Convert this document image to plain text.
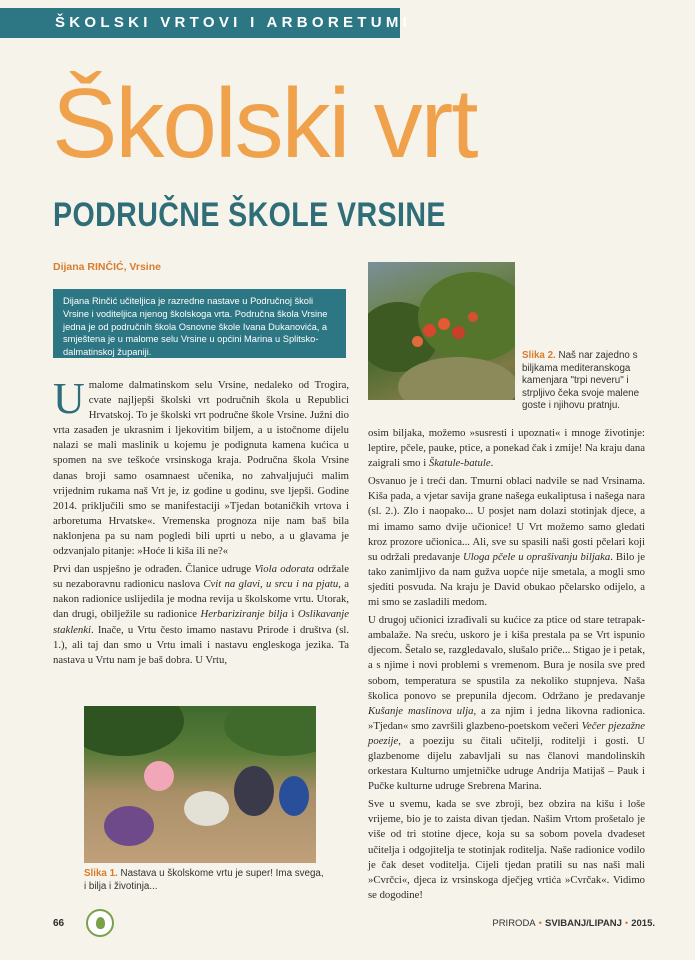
ŠKOLSKI VRTOVI I ARBORETUMI
Školski vrt
PODRUČNE ŠKOLE VRSINE
Dijana RINČIĆ, Vrsine
Dijana Rinčić učiteljica je razredne nastave u Područnoj školi Vrsine i voditeljica njenog školskoga vrta. Područna škola Vrsine jedna je od područnih škola Osnovne škole Ivana Dukanovića, a smještena je u malome selu Vrsine u općini Marina u Splitsko-dalmatinskoj županiji.	Slika 2. Naš nar zajedno s biljkama mediteranskoga kamenjara "trpi neveru" i strpljivo čeka svoje malene goste i njihovu pratnju.

Umalome dalmatinskom selu Vrsine, nedaleko od Trogira, cvate najljepši školski vrt područnih škola u Republici Hrvatskoj. To je školski vrt područne škole Vrsine. Južni dio vrta zasađen je ukrasnim i ljekovitim biljem, a u istočnome dijelu nalazi se mali maslinik u kojemu je podignuta kamena kućica u spomen na sve teškoće vrsinskoga kraja. Područna škola Vrsine danas broji samo osamnaest učenika, no zahvaljujući malim vrijednim rukama naš Vrt je, iz godine u godinu, sve ljepši. Godine 2014. priključili smo se manifestaciji »Tjedan botaničkih vrtova i arboretuma Hrvatske«. Vremenska prognoza nije nam baš bila naklonjena pa su nam pogledi bili uprti u nebo, a u glavama je odzvanjalo pitanje: »Hoće li kiša ili ne?«

Prvi dan uspješno je odrađen. Članice udruge Viola odorata održale su nezaboravnu radionicu naslova Cvit na glavi, u srcu i na pjatu, a nakon radionice uslijedila je modna revija u školskome vrtu. Utorak, dan drugi, obilježile su radionice Herbariziranje bilja i Oslikavanje staklenki. Inače, u Vrtu često imamo nastavu Prirode i društva (sl. 1.), ali taj dan smo u Vrtu imali i nastavu engleskoga jezika. Ta nastava u Vrtu nam je baš dobra. U Vrtu,

Slika 1. Nastava u školskome vrtu je super! Ima svega, i bilja i životinja...

osim biljaka, možemo »susresti i upoznati« i mnoge životinje: leptire, pčele, pauke, ptice, a ponekad čak i zmije! Na kraju dana zaigrali smo i Škatule-batule.

Osvanuo je i treći dan. Tmurni oblaci nadvile se nad Vrsinama. Kiša pada, a vjetar savija grane našega eukaliptusa i našega nara (sl. 2.). Zlo i naopako... U posjet nam dolazi stotinjak djece, a mi imamo samo dvije učionice! U Vrt možemo samo gledati kroz prozore učionica... Ali, sve su spasili naši gosti pčelari koji su održali predavanje Uloga pčele u oprašivanju biljaka. Bilo je tako zanimljivo da nam gužva uopće nije smetala, a mogli smo sjediti posvuda. Na kraju je David obukao pčelarsko odijelo, a mi smo se zasladili medom.

U drugoj učionici izrađivali su kućice za ptice od stare tetrapak-ambalaže. Na sreću, uskoro je i kiša prestala pa se Vrt ispunio djecom. Šetalo se, razgledavalo, slušalo priče... Stigao je i petak, a s njime i novi problemi s vremenom. Bura je nosila sve pred sobom, temperatura se spustila za nekoliko stupnjeva. Naša školica ponovo se prepunila djecom. Održano je predavanje Kušanje maslinova ulja, a za njim i jedna likovna radionica. »Tjedan« smo završili glazbeno-poetskom večeri Večer pjezažne poezije, a poeziju su čitali učitelji, roditelji i gosti. U glazbenome dijelu zabavljali su nas članovi mandolinskih orkestara Kulturno umjetničke udruge Andrija Matijaš – Pauk i Pučke kulturne udruge Srebrena Marina.

Sve u svemu, kada se sve zbroji, bez obzira na kišu i loše vrijeme, bio je to zaista divan tjedan. Našim Vrtom prošetalo je više od tri stotine djece, koja su sa sobom povela dvadeset učitelja i odgojitelja te stotinjak roditelja. Naše radionice vodilo je čak deset voditelja. Cijeli tjedan pratili su nas naši mali »Cvrčci«, djeca iz vrsinskoga dječjeg vrtića »Cvrčak«. Vidimo se dogodine!

66	PRIRODA • SVIBANJ/LIPANJ • 2015.
